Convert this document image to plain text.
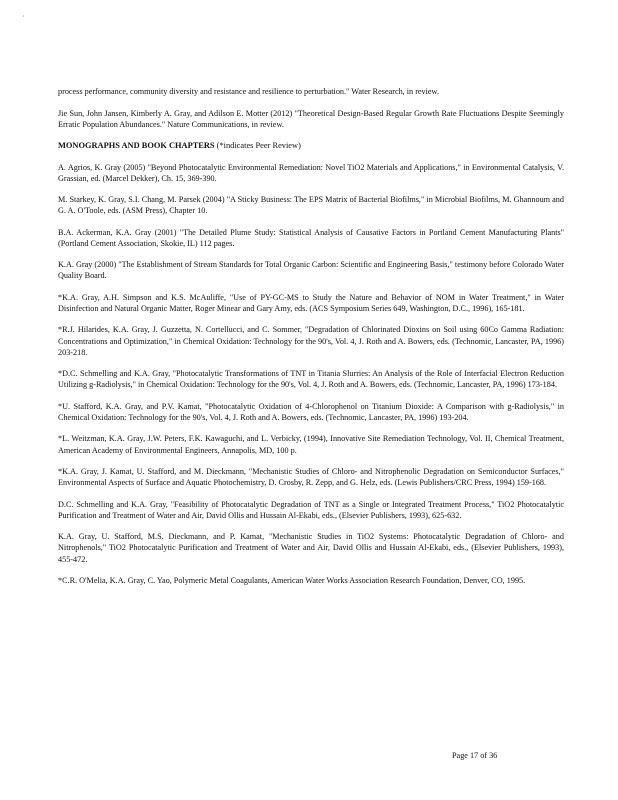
·

process performance, community diversity and resistance and resilience to perturbation." Water Research, in review.

Jie Sun, John Jansen, Kimberly A. Gray, and Adilson E. Motter (2012) "Theoretical Design-Based Regular Growth Rate Fluctuations Despite Seemingly Erratic Population Abundances." Nature Communications, in review.

MONOGRAPHS AND BOOK CHAPTERS (*indicates Peer Review)

A. Agrios, K. Gray (2005) "Beyond Photocatalytic Environmental Remediation: Novel TiO2 Materials and Applications," in Environmental Catalysis, V. Grassian, ed. (Marcel Dekker), Ch. 15, 369-390.

M. Starkey, K. Gray, S.I. Chang, M. Parsek (2004) "A Sticky Business: The EPS Matrix of Bacterial Biofilms," in Microbial Biofilms, M. Ghannoum and G. A. O'Toole, eds. (ASM Press), Chapter 10.

B.A. Ackerman, K.A. Gray (2001) "The Detailed Plume Study: Statistical Analysis of Causative Factors in Portland Cement Manufacturing Plants" (Portland Cement Association, Skokie, IL) 112 pages.

K.A. Gray (2000) "The Establishment of Stream Standards for Total Organic Carbon: Scientific and Engineering Basis," testimony before Colorado Water Quality Board.

*K.A. Gray, A.H. Simpson and K.S. McAuliffe, "Use of PY-GC-MS to Study the Nature and Behavior of NOM in Water Treatment," in Water Disinfection and Natural Organic Matter, Roger Minear and Gary Amy, eds. (ACS Symposium Series 649, Washington, D.C., 1996), 165-181.

*R.J. Hilarides, K.A. Gray, J. Guzzetta, N. Cortellucci, and C. Sommer, "Degradation of Chlorinated Dioxins on Soil using 60Co Gamma Radiation: Concentrations and Optimization," in Chemical Oxidation: Technology for the 90's, Vol. 4, J. Roth and A. Bowers, eds. (Technomic, Lancaster, PA, 1996) 203-218.

*D.C. Schmelling and K.A. Gray, "Photocatalytic Transformations of TNT in Titania Slurries: An Analysis of the Role of Interfacial Electron Reduction Utilizing g-Radiolysis," in Chemical Oxidation: Technology for the 90's, Vol. 4, J. Roth and A. Bowers, eds. (Technomic, Lancaster, PA, 1996) 173-184.

*U. Stafford, K.A. Gray, and P.V. Kamat, "Photocatalytic Oxidation of 4-Chlorophenol on Titanium Dioxide: A Comparison with g-Radiolysis," in Chemical Oxidation: Technology for the 90's, Vol. 4, J. Roth and A. Bowers, eds. (Technomic, Lancaster, PA, 1996) 193-204.

*L. Weitzman, K.A. Gray, J.W. Peters, F.K. Kawaguchi, and L. Verbicky, (1994), Innovative Site Remediation Technology, Vol. II, Chemical Treatment, American Academy of Environmental Engineers, Annapolis, MD, 100 p.

*K.A. Gray, J. Kamat, U. Stafford, and M. Dieckmann, "Mechanistic Studies of Chloro- and Nitrophenolic Degradation on Semiconductor Surfaces," Environmental Aspects of Surface and Aquatic Photochemistry, D. Crosby, R. Zepp, and G. Helz, eds. (Lewis Publishers/CRC Press, 1994) 159-168.

D.C. Schmelling and K.A. Gray, "Feasibility of Photocatalytic Degradation of TNT as a Single or Integrated Treatment Process," TiO2 Photocatalytic Purification and Treatment of Water and Air, David Ollis and Hussain Al-Ekabi, eds., (Elsevier Publishers, 1993), 625-632.

K.A. Gray, U. Stafford, M.S. Dieckmann, and P. Kamat, "Mechanistic Studies in TiO2 Systems: Photocatalytic Degradation of Chloro- and Nitrophenols," TiO2 Photocatalytic Purification and Treatment of Water and Air, David Ollis and Hussain Al-Ekabi, eds., (Elsevier Publishers, 1993), 455-472.

*C.R. O'Melia, K.A. Gray, C. Yao, Polymeric Metal Coagulants, American Water Works Association Research Foundation, Denver, CO, 1995.

Page 17 of 36
